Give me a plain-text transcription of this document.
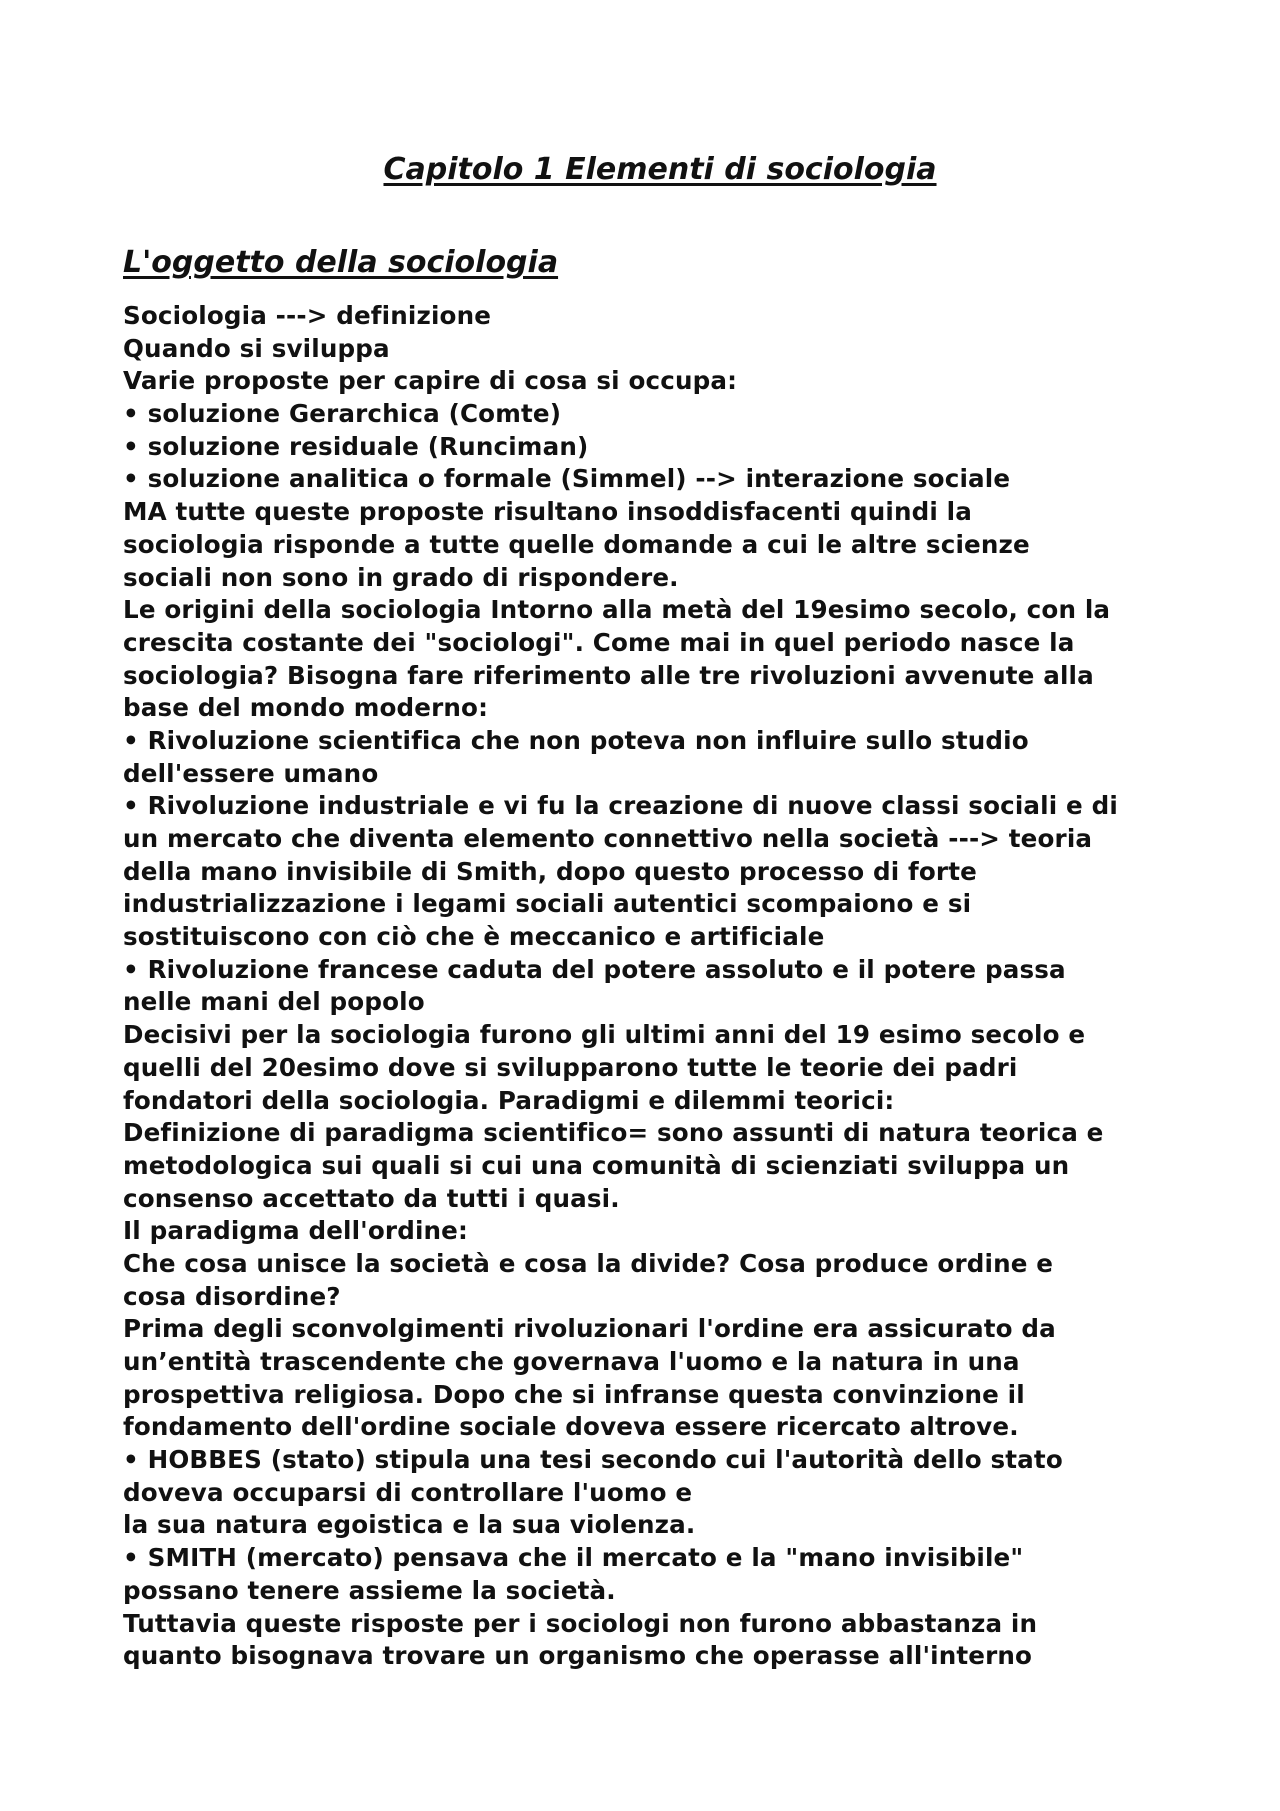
Capitolo 1 Elementi di sociologia
L'oggetto della sociologia
Sociologia ---> definizione
Quando si sviluppa
Varie proposte per capire di cosa si occupa:
• soluzione Gerarchica (Comte)
• soluzione residuale (Runciman)
• soluzione analitica o formale (Simmel) --> interazione sociale
MA tutte queste proposte risultano insoddisfacenti quindi la
sociologia risponde a tutte quelle domande a cui le altre scienze
sociali non sono in grado di rispondere.
Le origini della sociologia Intorno alla metà del 19esimo secolo, con la
crescita costante dei "sociologi". Come mai in quel periodo nasce la
sociologia? Bisogna fare riferimento alle tre rivoluzioni avvenute alla
base del mondo moderno:
• Rivoluzione scientifica che non poteva non influire sullo studio
dell'essere umano
• Rivoluzione industriale e vi fu la creazione di nuove classi sociali e di
un mercato che diventa elemento connettivo nella società ---> teoria
della mano invisibile di Smith, dopo questo processo di forte
industrializzazione i legami sociali autentici scompaiono e si
sostituiscono con ciò che è meccanico e artificiale
• Rivoluzione francese caduta del potere assoluto e il potere passa
nelle mani del popolo
Decisivi per la sociologia furono gli ultimi anni del 19 esimo secolo e
quelli del 20esimo dove si svilupparono tutte le teorie dei padri
fondatori della sociologia. Paradigmi e dilemmi teorici:
Definizione di paradigma scientifico= sono assunti di natura teorica e
metodologica sui quali si cui una comunità di scienziati sviluppa un
consenso accettato da tutti i quasi.
Il paradigma dell'ordine:
Che cosa unisce la società e cosa la divide? Cosa produce ordine e
cosa disordine?
Prima degli sconvolgimenti rivoluzionari l'ordine era assicurato da
un’entità trascendente che governava l'uomo e la natura in una
prospettiva religiosa. Dopo che si infranse questa convinzione il
fondamento dell'ordine sociale doveva essere ricercato altrove.
• HOBBES (stato) stipula una tesi secondo cui l'autorità dello stato
doveva occuparsi di controllare l'uomo e
la sua natura egoistica e la sua violenza.
• SMITH (mercato) pensava che il mercato e la "mano invisibile"
possano tenere assieme la società.
Tuttavia queste risposte per i sociologi non furono abbastanza in
quanto bisognava trovare un organismo che operasse all'interno
